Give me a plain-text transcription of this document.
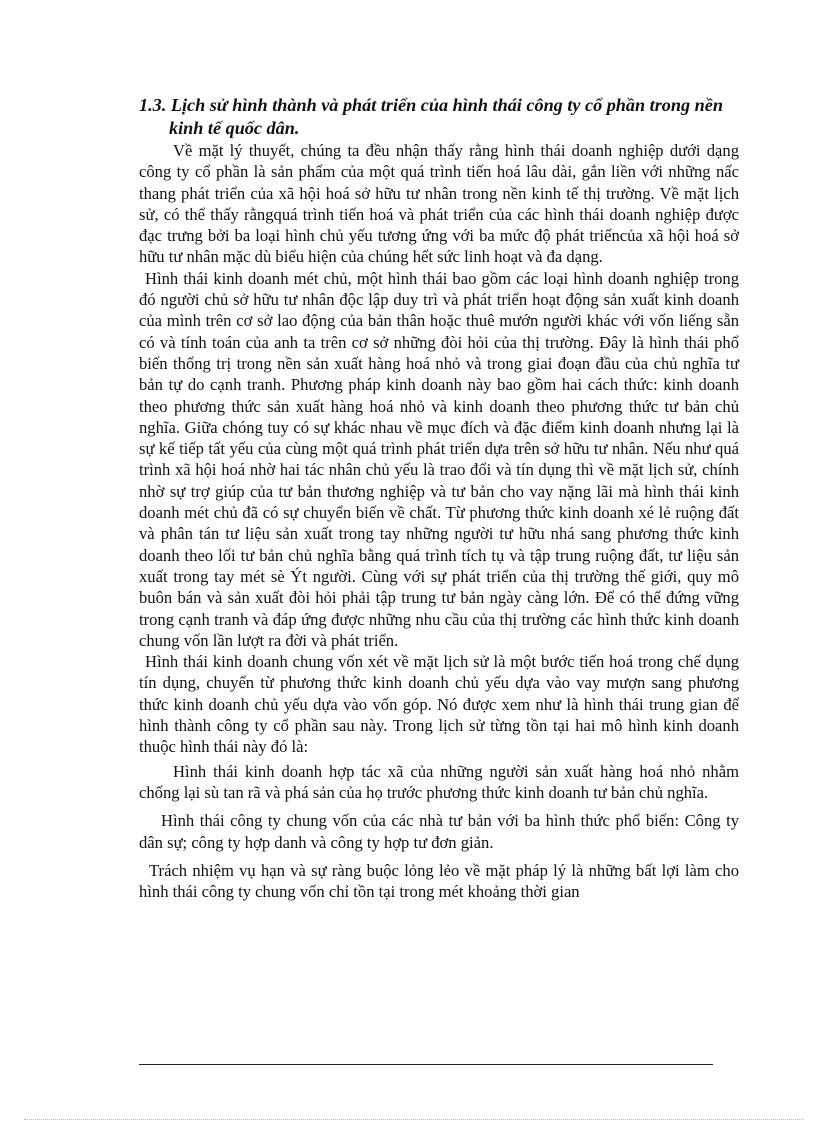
1.3. Lịch sử hình thành và phát triển của hình thái công ty cổ phần trong nền kinh tế quốc dân.

Về mặt lý thuyết, chúng ta đều nhận thấy rằng hình thái doanh nghiệp dưới dạng công ty cổ phần là sản phẩm của một quá trình tiến hoá lâu dài, gắn liền với những nấc thang phát triển của xã hội hoá sở hữu tư nhân trong nền kinh tế thị trường. Về mặt lịch sử, có thể thấy rằngquá trình tiến hoá và phát triển của các hình thái doanh nghiệp được đạc trưng bởi ba loại hình chủ yếu tương ứng với ba mức độ phát triểncủa xã hội hoá sở hữu tư nhân mặc dù biểu hiện của chúng hết sức linh hoạt và đa dạng.

Hình thái kinh doanh mét chủ, một hình thái bao gồm các loại hình doanh nghiệp trong đó người chủ sở hữu tư nhân độc lập duy trì và phát triển hoạt động sản xuất kinh doanh của mình trên cơ sở lao động của bản thân hoặc thuê mướn người khác với vốn liếng sẵn có và tính toán của anh ta trên cơ sở những đòi hỏi của thị trường. Đây là hình thái phổ biến thống trị trong nền sản xuất hàng hoá nhỏ và trong giai đoạn đầu của chủ nghĩa tư bản tự do cạnh tranh. Phương pháp kinh doanh này bao gồm hai cách thức: kinh doanh theo phương thức sản xuất hàng hoá nhỏ và kinh doanh theo phương thức tư bản chủ nghĩa. Giữa chóng tuy có sự khác nhau về mục đích và đặc điểm kinh doanh nhưng lại là sự kế tiếp tất yếu của cùng một quá trình phát triển dựa trên sở hữu tư nhân. Nếu như quá trình xã hội hoá nhờ hai tác nhân chủ yếu là trao đổi và tín dụng thì về mặt lịch sử, chính nhờ sự trợ giúp của tư bản thương nghiệp và tư bản cho vay nặng lãi mà hình thái kinh doanh mét chủ đã có sự chuyển biến về chất. Từ phương thức kinh doanh xé lẻ ruộng đất và phân tán tư liệu sản xuất trong tay những người tư hữu nhá sang phương thức kinh doanh theo lối tư bản chủ nghĩa bằng quá trình tích tụ và tập trung ruộng đất, tư liệu sản xuất trong tay mét sè Ýt người. Cùng với sự phát triển của thị trường thế giới, quy mô buôn bán và sản xuất đòi hỏi phải tập trung tư bản ngày càng lớn. Để có thể đứng vững trong cạnh tranh và đáp ứng được những nhu cầu của thị trường các hình thức kinh doanh chung vốn lần lượt ra đời và phát triển.

Hình thái kinh doanh chung vốn xét về mặt lịch sử là một bước tiến hoá trong chế dụng tín dụng, chuyển từ phương thức kinh doanh chủ yếu dựa vào vay mượn sang phương thức kinh doanh chủ yếu dựa vào vốn góp. Nó được xem như là hình thái trung gian để hình thành công ty cổ phần sau này. Trong lịch sử từng tồn tại hai mô hình kinh doanh thuộc hình thái này đó là:

Hình thái kinh doanh hợp tác xã của những người sản xuất hàng hoá nhỏ nhằm chống lại sù tan rã và phá sản của họ trước phương thức kinh doanh tư bản chủ nghĩa.

Hình thái công ty chung vốn của các nhà tư bản với ba hình thức phổ biến: Công ty dân sự; công ty hợp danh và công ty hợp tư đơn giản.

Trách nhiệm vụ hạn và sự ràng buộc lỏng lẻo về mặt pháp lý là những bất lợi làm cho hình thái công ty chung vốn chỉ tồn tại trong mét khoảng thời gian
